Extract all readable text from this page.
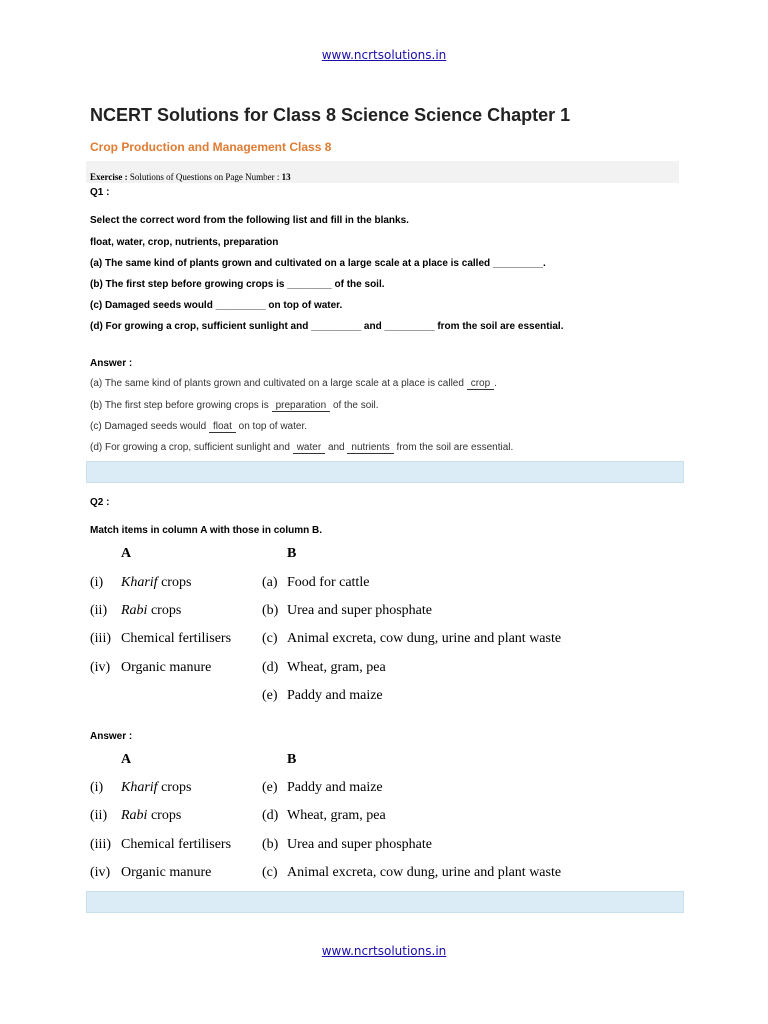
www.ncrtsolutions.in
NCERT Solutions for Class 8 Science Science Chapter 1
Crop Production and Management Class 8
Exercise : Solutions of Questions on Page Number : 13
Q1 :
Select the correct word from the following list and fill in the blanks.
float, water, crop, nutrients, preparation
(a) The same kind of plants grown and cultivated on a large scale at a place is called _________.
(b) The first step before growing crops is ________ of the soil.
(c) Damaged seeds would _________ on top of water.
(d) For growing a crop, sufficient sunlight and _________ and _________ from the soil are essential.
Answer :
(a) The same kind of plants grown and cultivated on a large scale at a place is called crop .
(b) The first step before growing crops is preparation of the soil.
(c) Damaged seeds would float on top of water.
(d) For growing a crop, sufficient sunlight and water and nutrients from the soil are essential.
Q2 :
Match items in column A with those in column B.
A	B
(i) Kharif crops	(a) Food for cattle
(ii) Rabi crops	(b) Urea and super phosphate
(iii) Chemical fertilisers (c) Animal excreta, cow dung, urine and plant waste
(iv) Organic manure	(d) Wheat, gram, pea
(e) Paddy and maize
Answer :
A	B
(i) Kharif crops	(e) Paddy and maize
(ii) Rabi crops	(d) Wheat, gram, pea
(iii) Chemical fertilisers (b) Urea and super phosphate
(iv) Organic manure	(c) Animal excreta, cow dung, urine and plant waste
www.ncrtsolutions.in
